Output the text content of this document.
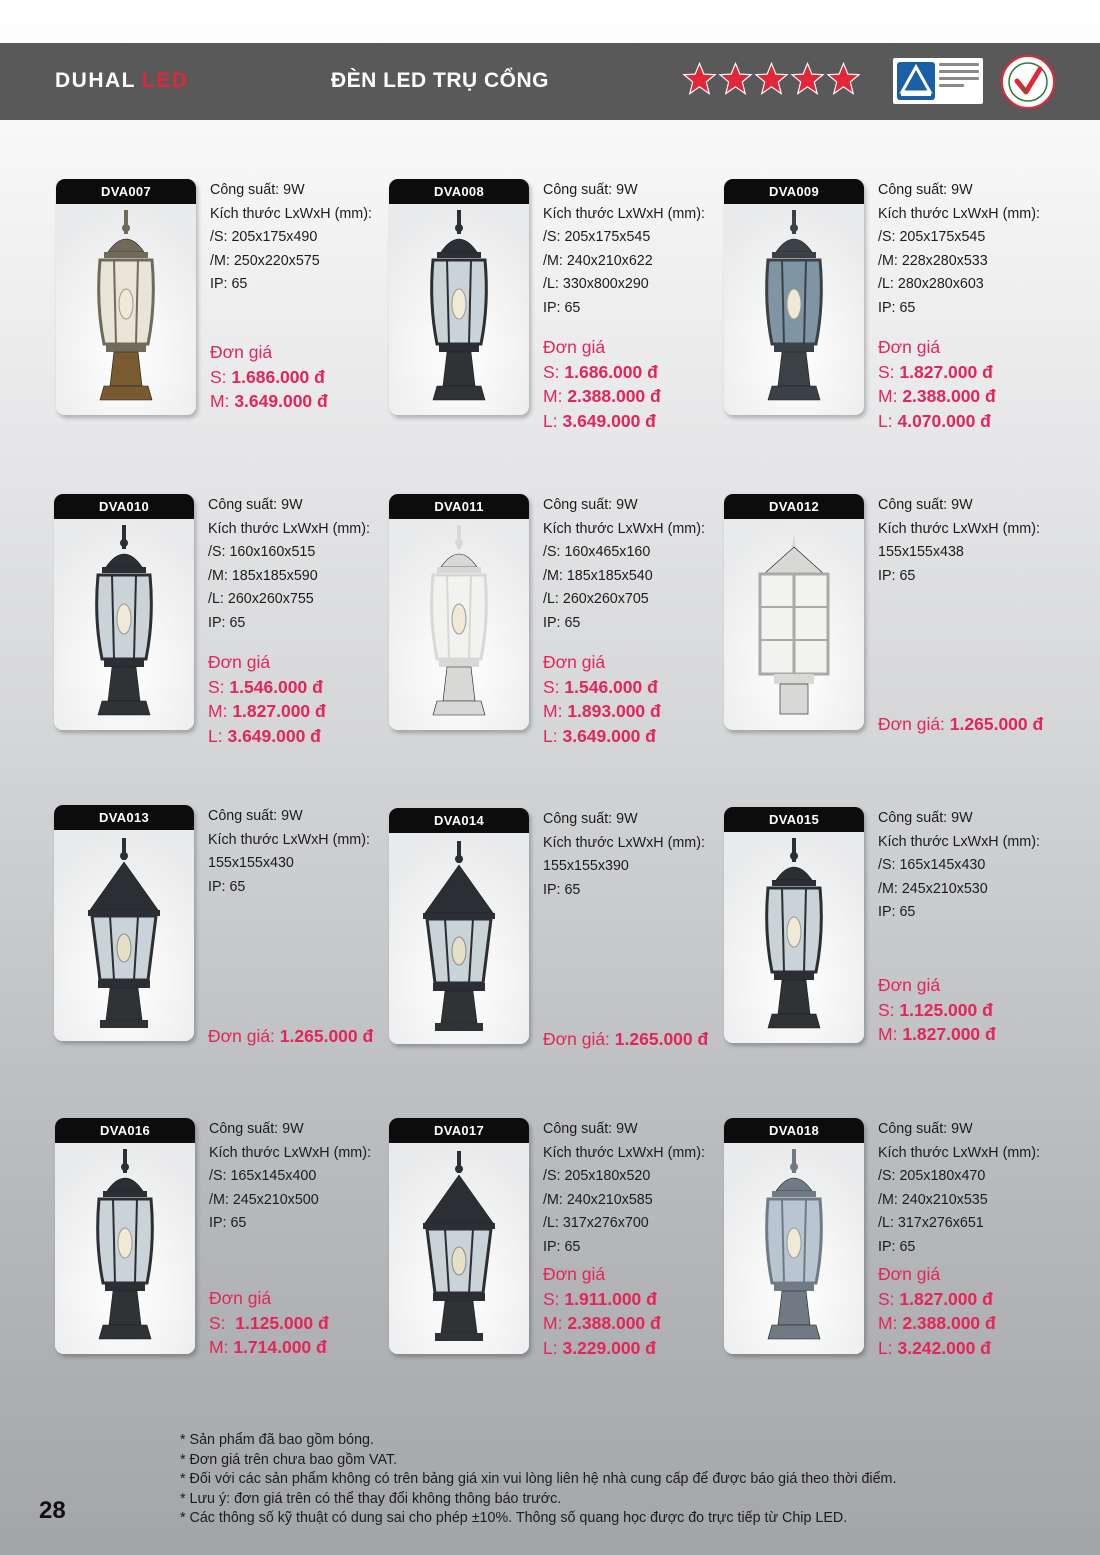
DUHAL LED	ĐÈN LED TRỤ CỔNG
DVA007	Công suất: 9W
Kích thước LxWxH (mm):
/S: 205x175x490
/M: 250x220x575
IP: 65
Đơn giá
S: 1.686.000 đ
M: 3.649.000 đ
DVA008	Công suất: 9W
Kích thước LxWxH (mm):
/S: 205x175x545
/M: 240x210x622
/L: 330x800x290
IP: 65
Đơn giá
S: 1.686.000 đ
M: 2.388.000 đ
L: 3.649.000 đ
DVA009	Công suất: 9W
Kích thước LxWxH (mm):
/S: 205x175x545
/M: 228x280x533
/L: 280x280x603
IP: 65
Đơn giá
S: 1.827.000 đ
M: 2.388.000 đ
L: 4.070.000 đ
DVA010	Công suất: 9W
Kích thước LxWxH (mm):
/S: 160x160x515
/M: 185x185x590
/L: 260x260x755
IP: 65
Đơn giá
S: 1.546.000 đ
M: 1.827.000 đ
L: 3.649.000 đ
DVA011	Công suất: 9W
Kích thước LxWxH (mm):
/S: 160x465x160
/M: 185x185x540
/L: 260x260x705
IP: 65
Đơn giá
S: 1.546.000 đ
M: 1.893.000 đ
L: 3.649.000 đ
DVA012	Công suất: 9W
Kích thước LxWxH (mm):
155x155x438
IP: 65
Đơn giá: 1.265.000 đ
DVA013	Công suất: 9W
Kích thước LxWxH (mm):
155x155x430
IP: 65
Đơn giá: 1.265.000 đ
DVA014	Công suất: 9W
Kích thước LxWxH (mm):
155x155x390
IP: 65
Đơn giá: 1.265.000 đ
DVA015	Công suất: 9W
Kích thước LxWxH (mm):
/S: 165x145x430
/M: 245x210x530
IP: 65
Đơn giá
S: 1.125.000 đ
M: 1.827.000 đ
DVA016	Công suất: 9W
Kích thước LxWxH (mm):
/S: 165x145x400
/M: 245x210x500
IP: 65
Đơn giá
S:  1.125.000 đ
M: 1.714.000 đ
DVA017	Công suất: 9W
Kích thước LxWxH (mm):
/S: 205x180x520
/M: 240x210x585
/L: 317x276x700
IP: 65
Đơn giá
S: 1.911.000 đ
M: 2.388.000 đ
L: 3.229.000 đ
DVA018	Công suất: 9W
Kích thước LxWxH (mm):
/S: 205x180x470
/M: 240x210x535
/L: 317x276x651
IP: 65
Đơn giá
S: 1.827.000 đ
M: 2.388.000 đ
L: 3.242.000 đ
* Sản phẩm đã bao gồm bóng.
* Đơn giá trên chưa bao gồm VAT.
* Đối với các sản phẩm không có trên bảng giá xin vui lòng liên hệ nhà cung cấp để được báo giá theo thời điểm.
* Lưu ý: đơn giá trên có thể thay đổi không thông báo trước.
* Các thông số kỹ thuật có dung sai cho phép ±10%. Thông số quang học được đo trực tiếp từ Chip LED.
28
